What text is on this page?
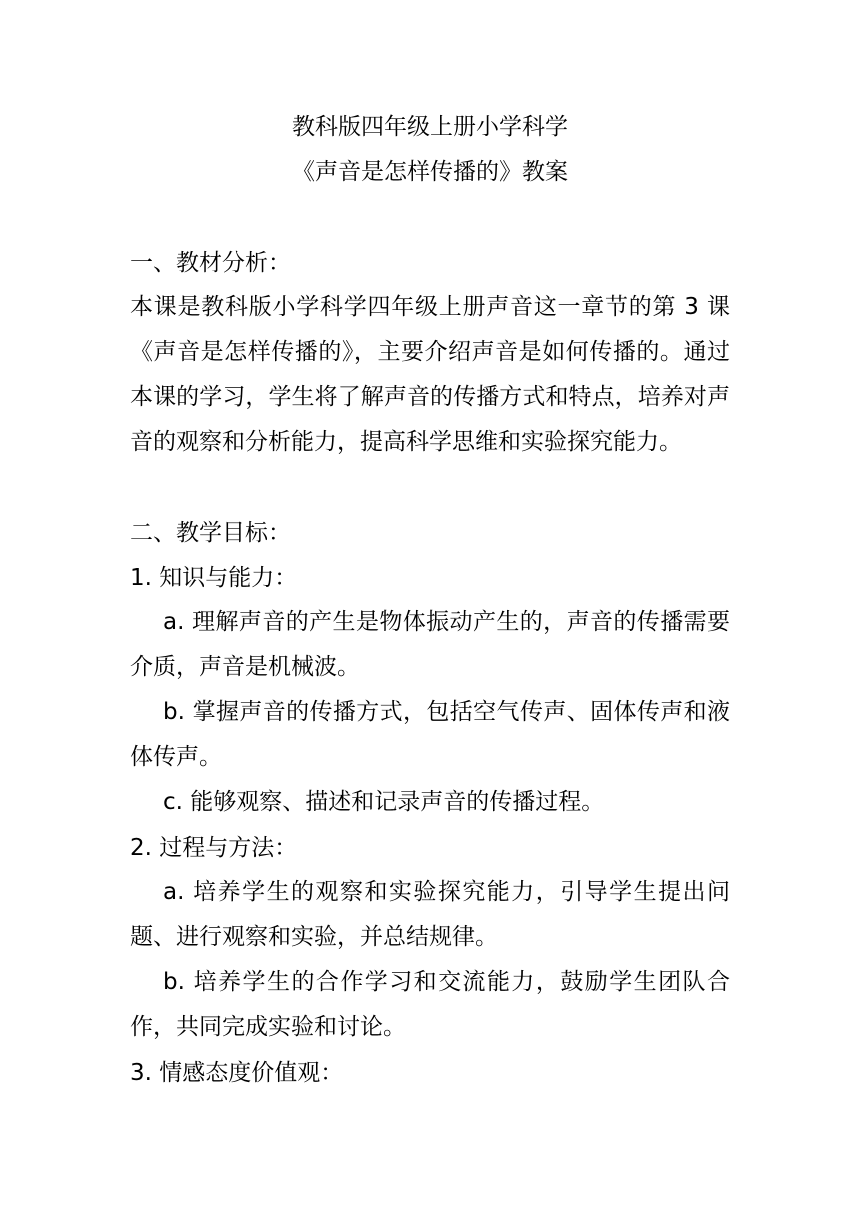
教科版四年级上册小学科学
《声音是怎样传播的》教案
一、教材分析：
本课是教科版小学科学四年级上册声音这一章节的第 3 课《声音是怎样传播的》，主要介绍声音是如何传播的。通过本课的学习，学生将了解声音的传播方式和特点，培养对声音的观察和分析能力，提高科学思维和实验探究能力。
二、教学目标：
1. 知识与能力：
a. 理解声音的产生是物体振动产生的，声音的传播需要介质，声音是机械波。
b. 掌握声音的传播方式，包括空气传声、固体传声和液体传声。
c. 能够观察、描述和记录声音的传播过程。
2. 过程与方法：
a. 培养学生的观察和实验探究能力，引导学生提出问题、进行观察和实验，并总结规律。
b. 培养学生的合作学习和交流能力，鼓励学生团队合作，共同完成实验和讨论。
3. 情感态度价值观：
